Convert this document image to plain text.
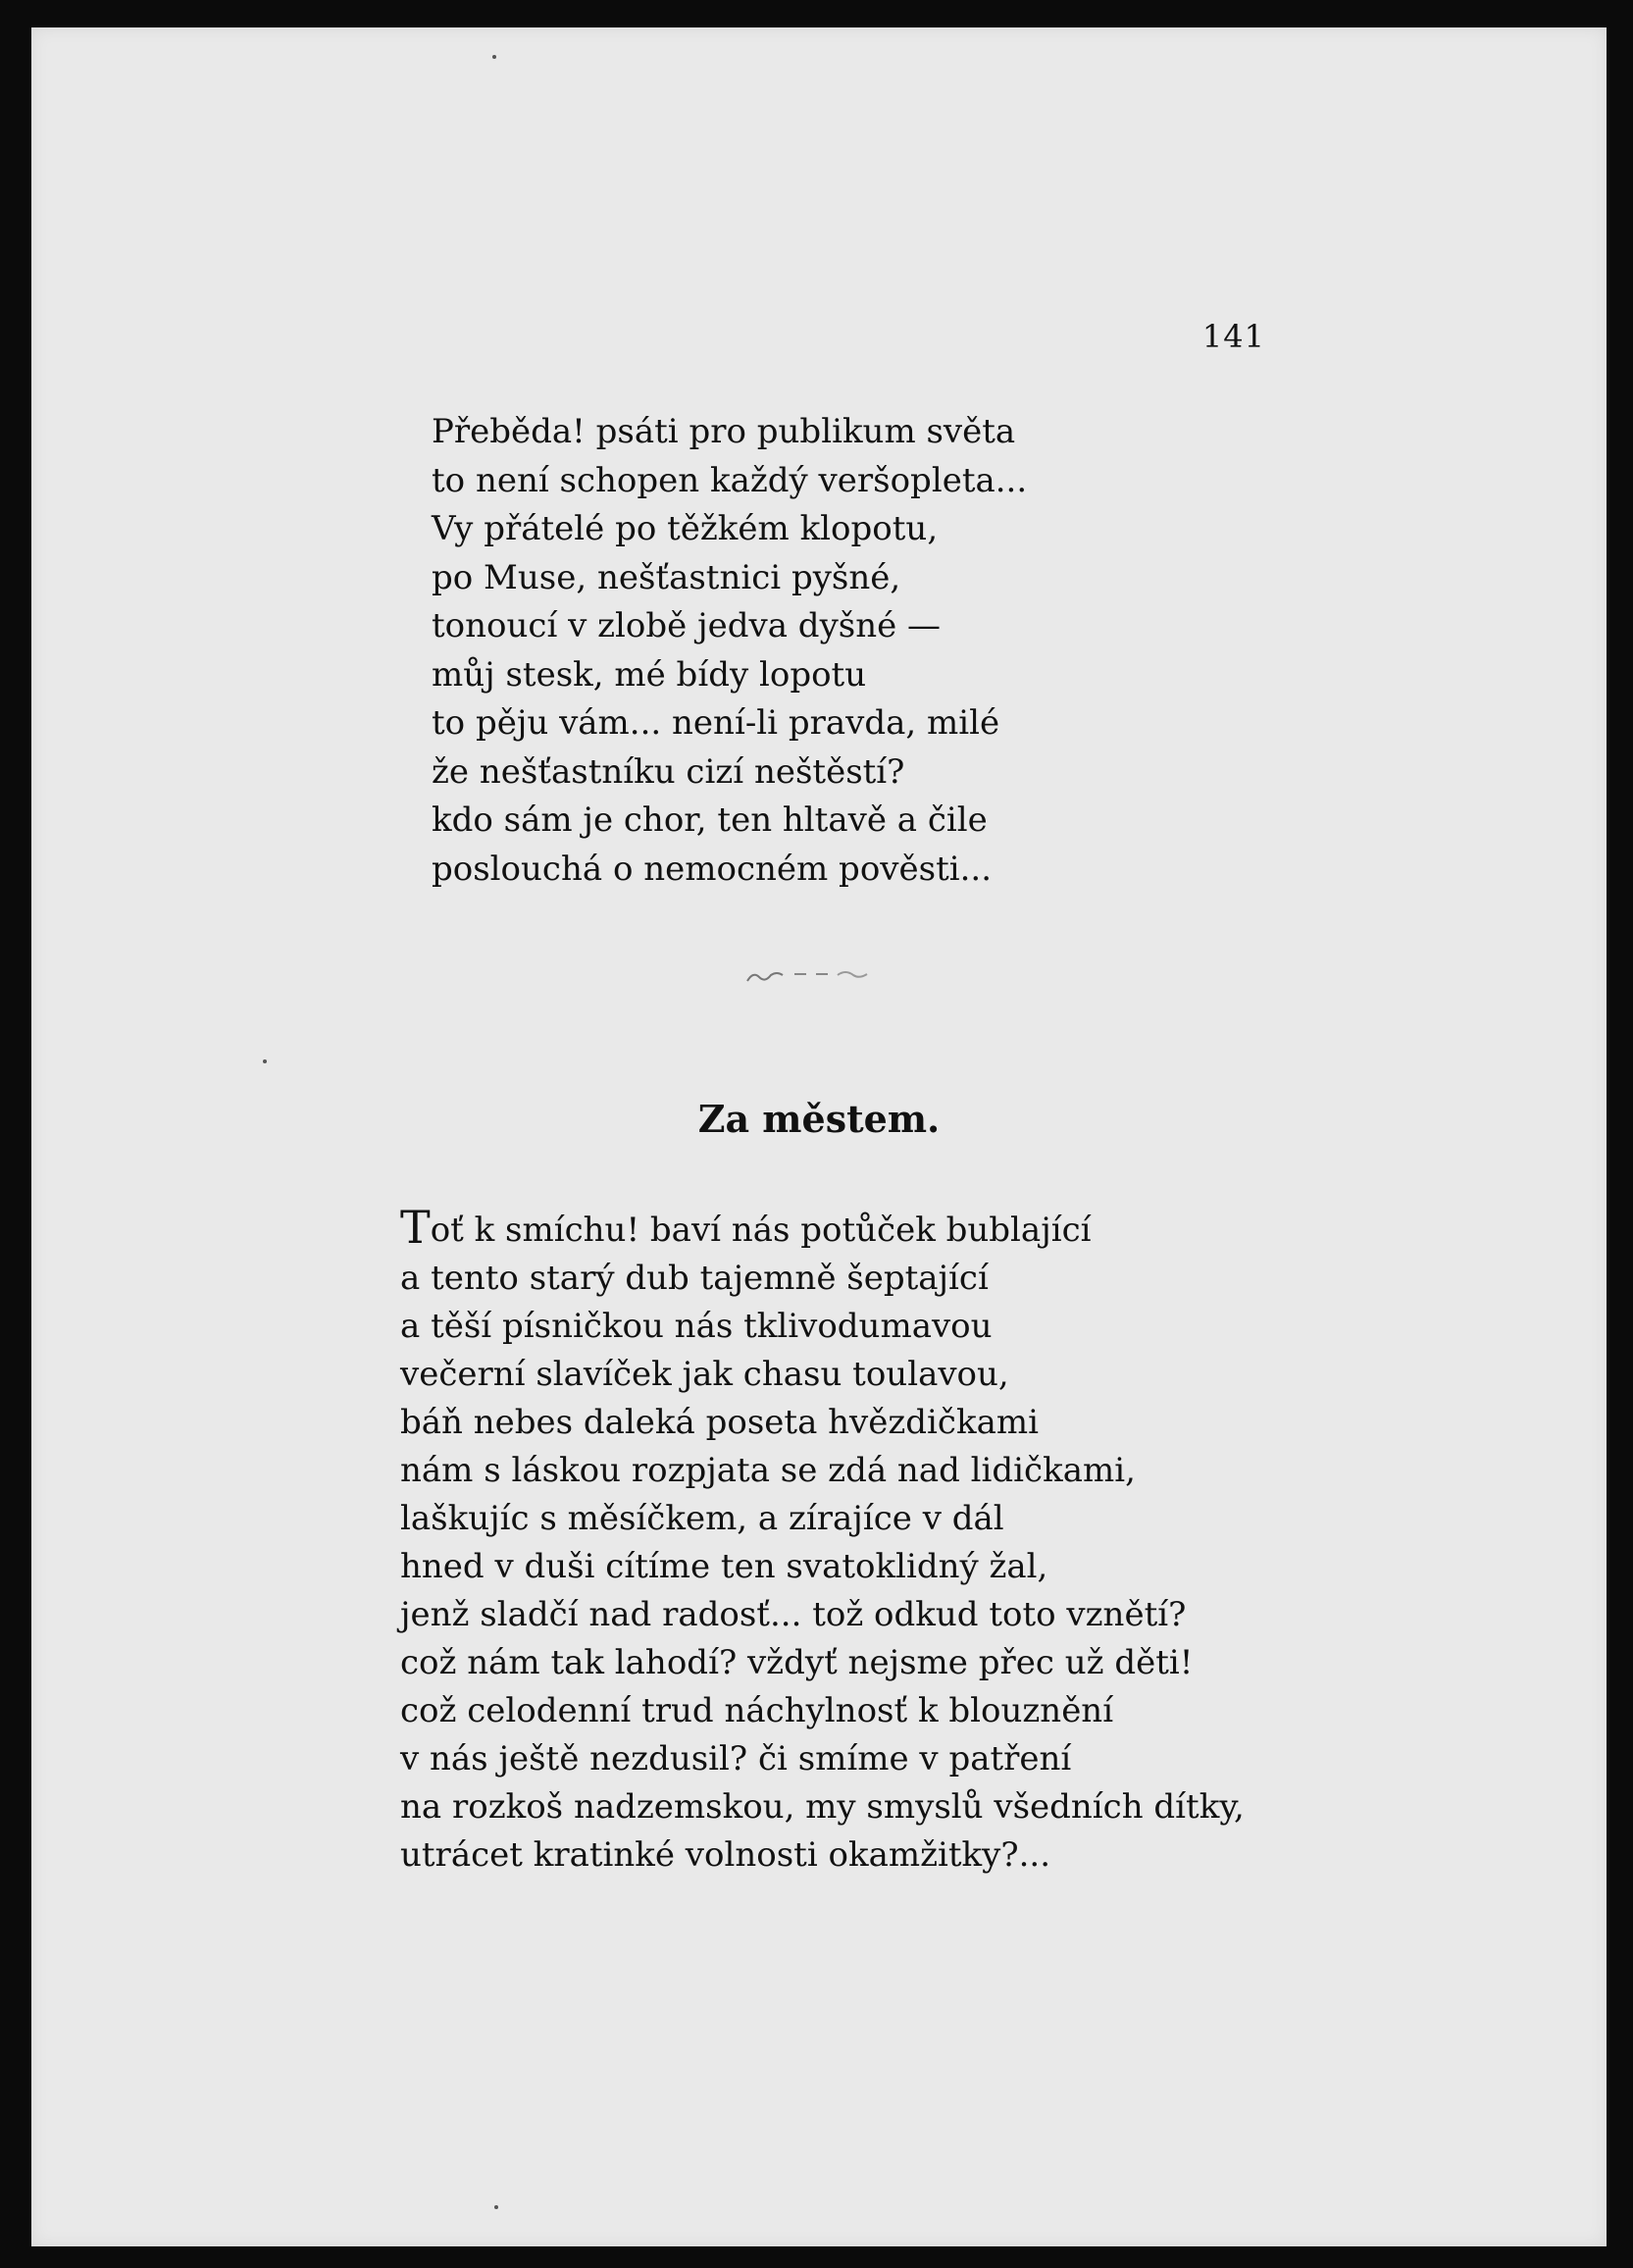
141
Přeběda! psáti pro publikum světa
to není schopen každý veršopleta...
Vy přátelé po těžkém klopotu,
po Muse, nešťastnici pyšné,
tonoucí v zlobě jedva dyšné —
můj stesk, mé bídy lopotu
to pěju vám... není-li pravda, milé
že nešťastníku cizí neštěstí?
kdo sám je chor, ten hltavě a čile
poslouchá o nemocném pověsti...
Za městem.
Toť k smíchu! baví nás potůček bublající
a tento starý dub tajemně šeptající
a těší písničkou nás tklivodumavou
večerní slavíček jak chasu toulavou,
báň nebes daleká poseta hvězdičkami
nám s láskou rozpjata se zdá nad lidičkami,
laškujíc s měsíčkem, a zírajíce v dál
hned v duši cítíme ten svatoklidný žal,
jenž sladčí nad radosť... tož odkud toto vznětí?
což nám tak lahodí? vždyť nejsme přec už děti!
což celodenní trud náchylnosť k blouznění
v nás ještě nezdusil? či smíme v patření
na rozkoš nadzemskou, my smyslů všedních dítky,
utrácet kratinké volnosti okamžitky?...
